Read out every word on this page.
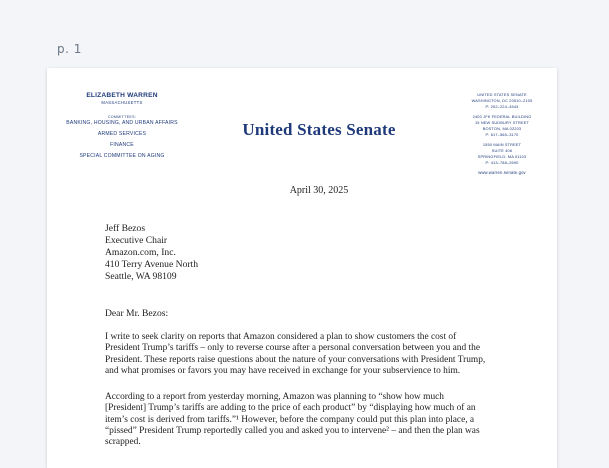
p. 1
ELIZABETH WARREN
MASSACHUSETTS
COMMITTEES:
BANKING, HOUSING, AND URBAN AFFAIRS
ARMED SERVICES
FINANCE
SPECIAL COMMITTEE ON AGING
United States Senate
UNITED STATES SENATE
WASHINGTON, DC 20510–2105
P: 202–224–4543
2400 JFK FEDERAL BUILDING
15 NEW SUDBURY STREET
BOSTON, MA 02203
P: 617–565–3170
1550 MAIN STREET
SUITE 406
SPRINGFIELD, MA 01103
P: 413–788–2690
www.warren.senate.gov
April 30, 2025
Jeff Bezos
Executive Chair
Amazon.com, Inc.
410 Terry Avenue North
Seattle, WA 98109
Dear Mr. Bezos:
I write to seek clarity on reports that Amazon considered a plan to show customers the cost of
President Trump’s tariffs – only to reverse course after a personal conversation between you and the
President. These reports raise questions about the nature of your conversations with President Trump,
and what promises or favors you may have received in exchange for your subservience to him.
According to a report from yesterday morning, Amazon was planning to “show how much
[President] Trump’s tariffs are adding to the price of each product” by “displaying how much of an
item’s cost is derived from tariffs.”¹ However, before the company could put this plan into place, a
“pissed” President Trump reportedly called you and asked you to intervene² – and then the plan was
scrapped.
